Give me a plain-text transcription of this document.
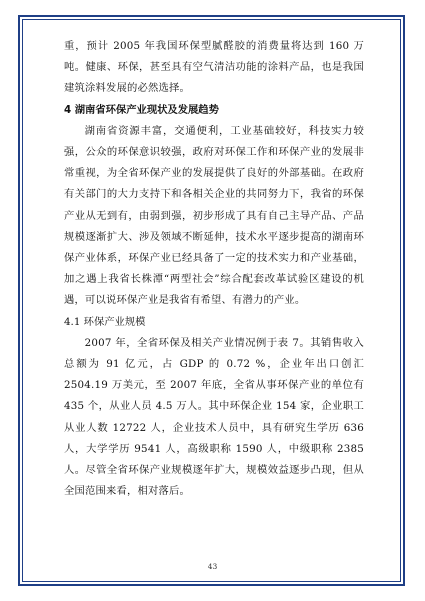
重，预计 2005 年我国环保型腻醛胶的消费量将达到 160 万吨。健康、环保，甚至具有空气清洁功能的涂料产品，也是我国建筑涂料发展的必然选择。

4 湖南省环保产业现状及发展趋势

湖南省资源丰富，交通便利，工业基础较好，科技实力较强，公众的环保意识较强，政府对环保工作和环保产业的发展非常重视，为全省环保产业的发展提供了良好的外部基础。在政府有关部门的大力支持下和各相关企业的共同努力下，我省的环保产业从无到有，由弱到强，初步形成了具有自己主导产品、产品规模逐渐扩大、涉及领域不断延伸，技术水平逐步提高的湖南环保产业体系，环保产业已经具备了一定的技术实力和产业基础，加之遇上我省长株潭“两型社会”综合配套改革试验区建设的机遇，可以说环保产业是我省有希望、有潜力的产业。

4.1 环保产业规模

2007 年，全省环保及相关产业情况例于表 7。其销售收入总额为 91 亿元，占 GDP 的 0.72 %，企业年出口创汇 2504.19 万美元，至 2007 年底，全省从事环保产业的单位有 435 个，从业人员 4.5 万人。其中环保企业 154 家，企业职工从业人数 12722 人，企业技术人员中，具有研究生学历 636 人，大学学历 9541 人，高级职称 1590 人，中级职称 2385 人。尽管全省环保产业规模逐年扩大，规模效益逐步凸现，但从全国范围来看，相对落后。

43
